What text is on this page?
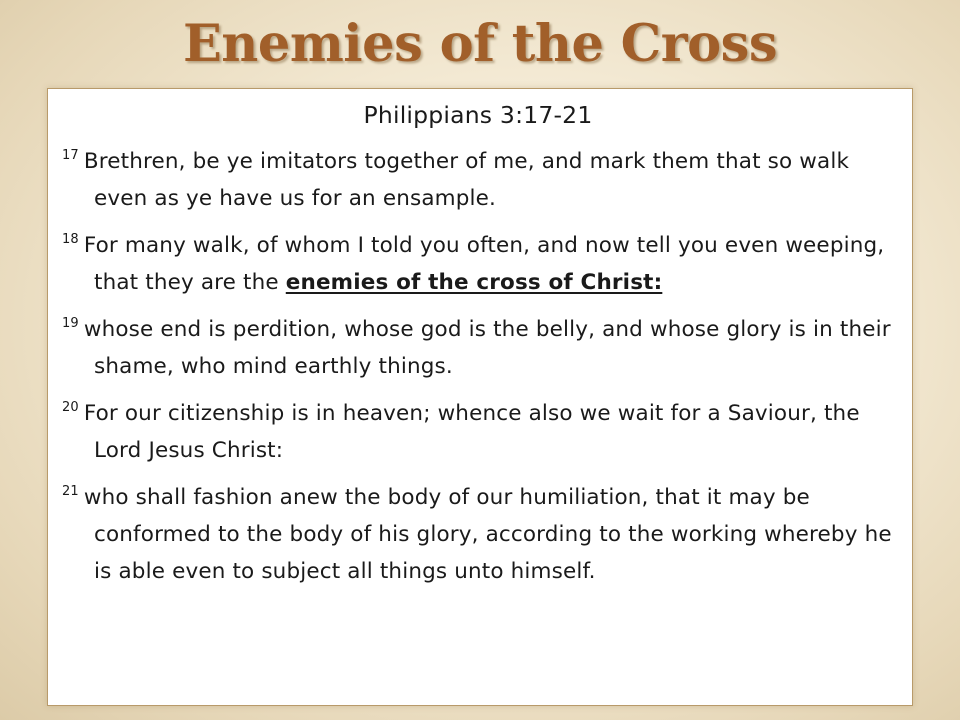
Enemies of the Cross

Philippians 3:17-21

$^{17}$ Brethren, be ye imitators together of me, and mark them that so walk even as ye have us for an ensample.

$^{18}$ For many walk, of whom I told you often, and now tell you even weeping, that they are the enemies of the cross of Christ:

$^{19}$ whose end is perdition, whose god is the belly, and whose glory is in their shame, who mind earthly things.

$^{20}$ For our citizenship is in heaven; whence also we wait for a Saviour, the Lord Jesus Christ:

$^{21}$ who shall fashion anew the body of our humiliation, that it may be conformed to the body of his glory, according to the working whereby he is able even to subject all things unto himself.
